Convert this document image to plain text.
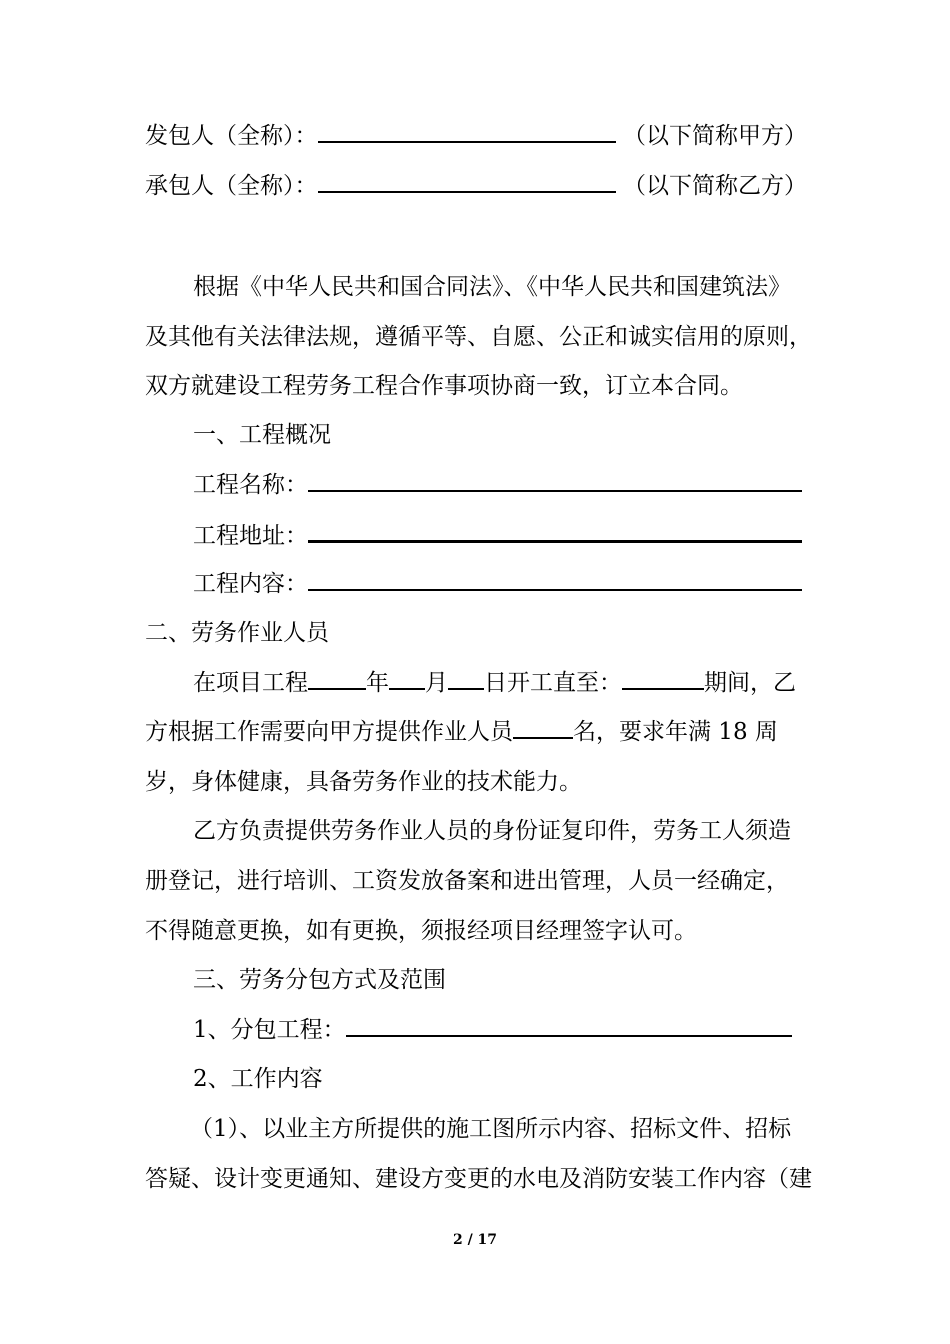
发包人（全称）：	（以下简称甲方）
承包人（全称）：	（以下简称乙方）
根据《中华人民共和国合同法》、《中华人民共和国建筑法》
及其他有关法律法规，遵循平等、自愿、公正和诚实信用的原则，
双方就建设工程劳务工程合作事项协商一致，订立本合同。
一、工程概况
工程名称：
工程地址：
工程内容：
二、劳务作业人员
在项目工程	年 月 日开工直至：	期间，乙
方根据工作需要向甲方提供作业人员	名，要求年满 18 周
岁，身体健康，具备劳务作业的技术能力。
乙方负责提供劳务作业人员的身份证复印件，劳务工人须造
册登记，进行培训、工资发放备案和进出管理，人员一经确定，
不得随意更换，如有更换，须报经项目经理签字认可。
三、劳务分包方式及范围
1、分包工程：
2、工作内容
（1）、以业主方所提供的施工图所示内容、招标文件、招标
答疑、设计变更通知、建设方变更的水电及消防安装工作内容（建
2 / 17
